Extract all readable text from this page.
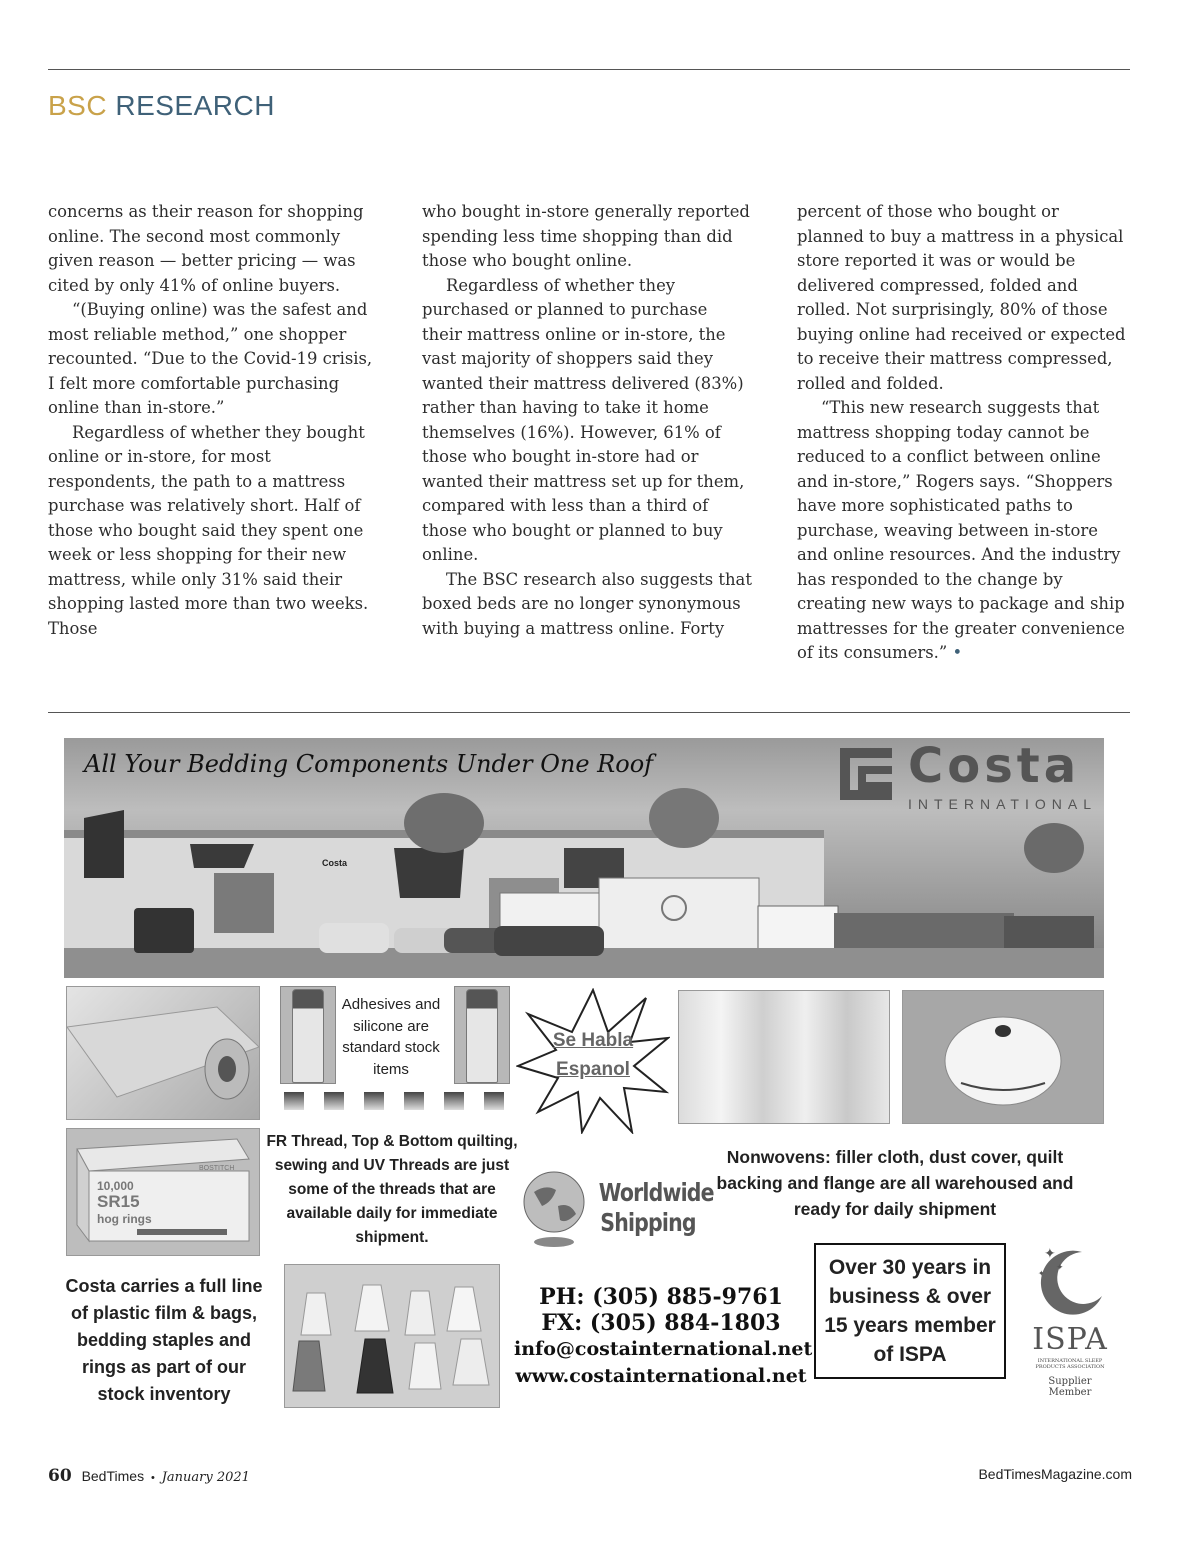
BSC RESEARCH

concerns as their reason for shopping online. The second most commonly given reason — better pricing — was cited by only 41% of online buyers.

“(Buying online) was the safest and most reliable method,” one shopper recounted. “Due to the Covid-19 crisis, I felt more comfortable purchasing online than in-store.”

Regardless of whether they bought online or in-store, for most respondents, the path to a mattress purchase was relatively short. Half of those who bought said they spent one week or less shopping for their new mattress, while only 31% said their shopping lasted more than two weeks. Those

who bought in-store generally reported spending less time shopping than did those who bought online.

Regardless of whether they purchased or planned to purchase their mattress online or in-store, the vast majority of shoppers said they wanted their mattress delivered (83%) rather than having to take it home themselves (16%). However, 61% of those who bought in-store had or wanted their mattress set up for them, compared with less than a third of those who bought or planned to buy online.

The BSC research also suggests that boxed beds are no longer synonymous with buying a mattress online. Forty

percent of those who bought or planned to buy a mattress in a physical store reported it was or would be delivered compressed, folded and rolled. Not surprisingly, 80% of those buying online had received or expected to receive their mattress compressed, rolled and folded.

“This new research suggests that mattress shopping today cannot be reduced to a conflict between online and in-store,” Rogers says. “Shoppers have more sophisticated paths to purchase, weaving between in-store and online resources. And the industry has responded to the change by creating new ways to package and ship mattresses for the greater convenience of its consumers.” •

Costa
All Your Bedding Components Under One Roof	Costa
INTERNATIONAL
Adhesives and silicone are standard stock items
Se Habla
Espanol
10,000
SR15
hog rings
BOSTITCH
FR Thread, Top & Bottom quilting, sewing and UV Threads are just some of the threads that are available daily for immediate shipment.
Worldwide
Shipping
Nonwovens: filler cloth, dust cover, quilt backing and flange are all warehoused and ready for daily shipment
Costa carries a full line of plastic film & bags, bedding staples and rings as part of our stock inventory
PH: (305) 885-9761
FX: (305) 884-1803
info@costainternational.net
www.costainternational.net
Over 30 years in business & over 15 years member of ISPA
✦
✦
✦
ISPA
INTERNATIONAL SLEEP PRODUCTS ASSOCIATION
Supplier Member
60 BedTimes • January 2021	BedTimesMagazine.com
